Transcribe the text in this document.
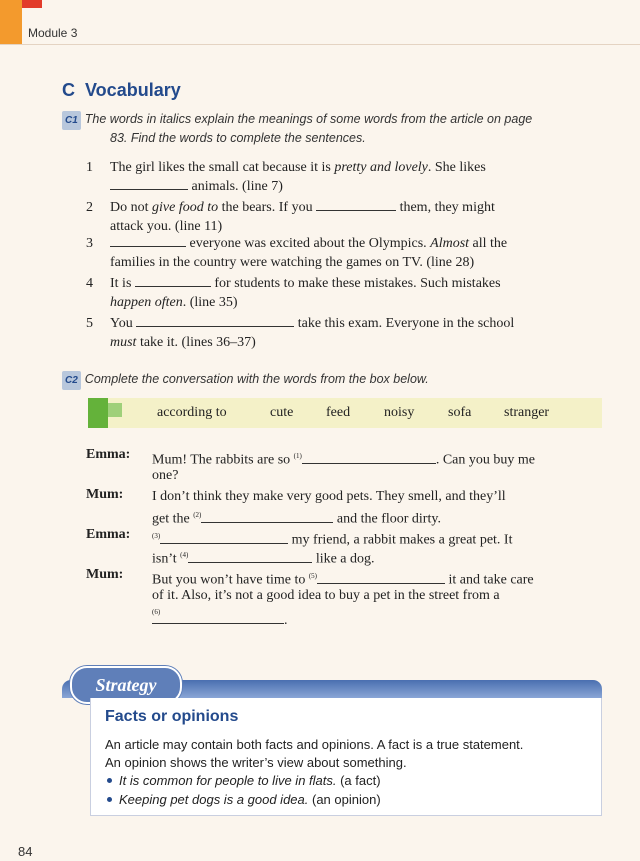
Module 3
C Vocabulary
C1 The words in italics explain the meanings of some words from the article on page
83. Find the words to complete the sentences.
1 The girl likes the small cat because it is pretty and lovely. She likes
animals. (line 7)
2 Do not give food to the bears. If you	them, they might
attack you. (line 11)
3	everyone was excited about the Olympics. Almost all the
families in the country were watching the games on TV. (line 28)
4 It is	for students to make these mistakes. Such mistakes
happen often. (line 35)
5 You	take this exam. Everyone in the school
must take it. (lines 36–37)
C2 Complete the conversation with the words from the box below.
according to	cute feed noisy sofa stranger
Emma: Mum! The rabbits are so $^{(1)}$	. Can you buy me
one?
Mum: I don’t think they make very good pets. They smell, and they’ll
get the $^{(2)}$	and the floor dirty.
Emma:	$^{(3)}$	my friend, a rabbit makes a great pet. It
isn’t $^{(4)}$	like a dog.
Mum: But you won’t have time to $^{(5)}$	it and take care
of it. Also, it’s not a good idea to buy a pet in the street from a
$^{(6)}$
.
Strategy
Facts or opinions
An article may contain both facts and opinions. A fact is a true statement.
An opinion shows the writer’s view about something.
It is common for people to live in flats. (a fact)
Keeping pet dogs is a good idea. (an opinion)
84
